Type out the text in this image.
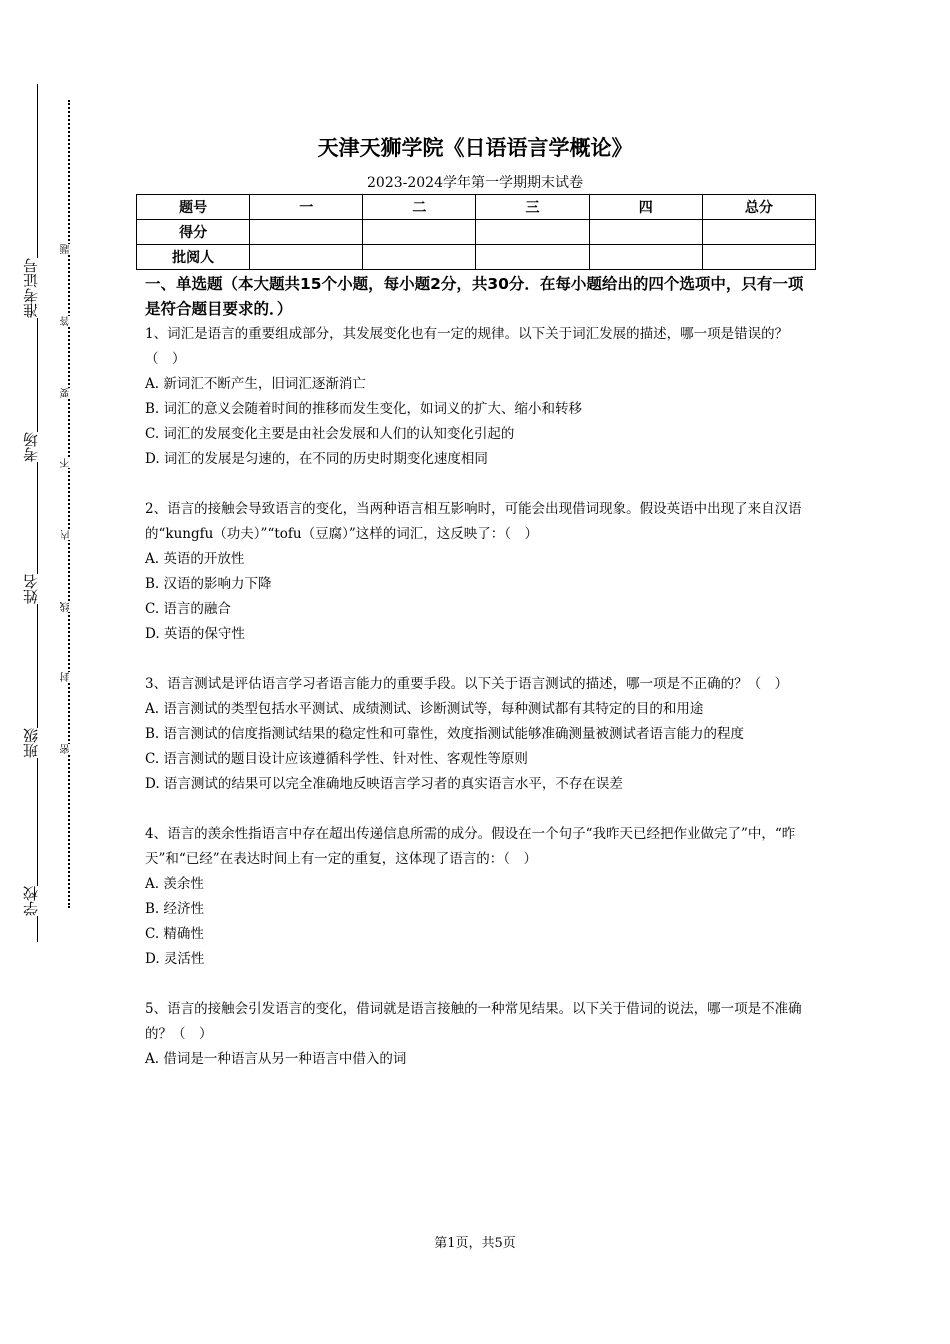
准考证号
考场
姓名
班级
学校
题
答
要
不
内
线
封
密
天津天狮学院《日语语言学概论》
2023-2024学年第一学期期末试卷
题号	一	二	三	四	总分
得分					
批阅人					
一、单选题（本大题共15个小题，每小题2分，共30分．在每小题给出的四个选项中，只有一项是符合题目要求的．）

1、词汇是语言的重要组成部分，其发展变化也有一定的规律。以下关于词汇发展的描述，哪一项是错误的？（　）

A. 新词汇不断产生，旧词汇逐渐消亡

B. 词汇的意义会随着时间的推移而发生变化，如词义的扩大、缩小和转移

C. 词汇的发展变化主要是由社会发展和人们的认知变化引起的

D. 词汇的发展是匀速的，在不同的历史时期变化速度相同

2、语言的接触会导致语言的变化，当两种语言相互影响时，可能会出现借词现象。假设英语中出现了来自汉语的“kungfu（功夫）”“tofu（豆腐）”这样的词汇，这反映了：（　）

A. 英语的开放性

B. 汉语的影响力下降

C. 语言的融合

D. 英语的保守性

3、语言测试是评估语言学习者语言能力的重要手段。以下关于语言测试的描述，哪一项是不正确的？（　）

A. 语言测试的类型包括水平测试、成绩测试、诊断测试等，每种测试都有其特定的目的和用途

B. 语言测试的信度指测试结果的稳定性和可靠性，效度指测试能够准确测量被测试者语言能力的程度

C. 语言测试的题目设计应该遵循科学性、针对性、客观性等原则

D. 语言测试的结果可以完全准确地反映语言学习者的真实语言水平，不存在误差

4、语言的羡余性指语言中存在超出传递信息所需的成分。假设在一个句子“我昨天已经把作业做完了”中，“昨天”和“已经”在表达时间上有一定的重复，这体现了语言的：（　）

A. 羡余性

B. 经济性

C. 精确性

D. 灵活性

5、语言的接触会引发语言的变化，借词就是语言接触的一种常见结果。以下关于借词的说法，哪一项是不准确的？（　）

A. 借词是一种语言从另一种语言中借入的词

第1页，共5页
